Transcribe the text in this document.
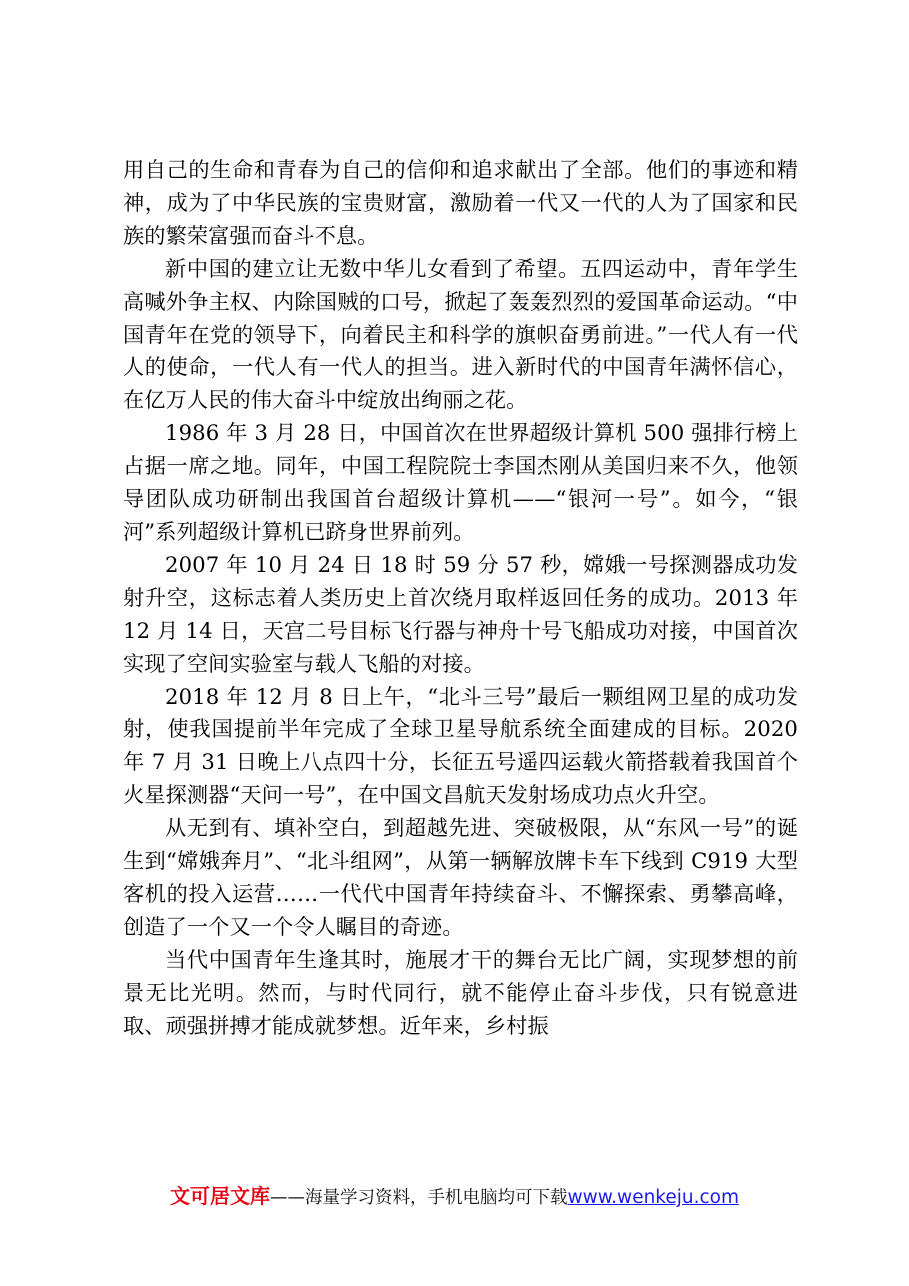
用自己的生命和青春为自己的信仰和追求献出了全部。他们的事迹和精神，成为了中华民族的宝贵财富，激励着一代又一代的人为了国家和民族的繁荣富强而奋斗不息。

新中国的建立让无数中华儿女看到了希望。五四运动中，青年学生高喊外争主权、内除国贼的口号，掀起了轰轰烈烈的爱国革命运动。“中国青年在党的领导下，向着民主和科学的旗帜奋勇前进。”一代人有一代人的使命，一代人有一代人的担当。进入新时代的中国青年满怀信心，在亿万人民的伟大奋斗中绽放出绚丽之花。

1986 年 3 月 28 日，中国首次在世界超级计算机 500 强排行榜上占据一席之地。同年，中国工程院院士李国杰刚从美国归来不久，他领导团队成功研制出我国首台超级计算机——“银河一号”。如今，“银河”系列超级计算机已跻身世界前列。

2007 年 10 月 24 日 18 时 59 分 57 秒，嫦娥一号探测器成功发射升空，这标志着人类历史上首次绕月取样返回任务的成功。2013 年 12 月 14 日，天宫二号目标飞行器与神舟十号飞船成功对接，中国首次实现了空间实验室与载人飞船的对接。

2018 年 12 月 8 日上午，“北斗三号”最后一颗组网卫星的成功发射，使我国提前半年完成了全球卫星导航系统全面建成的目标。2020 年 7 月 31 日晚上八点四十分，长征五号遥四运载火箭搭载着我国首个火星探测器“天问一号”，在中国文昌航天发射场成功点火升空。

从无到有、填补空白，到超越先进、突破极限，从“东风一号”的诞生到“嫦娥奔月”、“北斗组网”，从第一辆解放牌卡车下线到 C919 大型客机的投入运营……一代代中国青年持续奋斗、不懈探索、勇攀高峰，创造了一个又一个令人瞩目的奇迹。

当代中国青年生逢其时，施展才干的舞台无比广阔，实现梦想的前景无比光明。然而，与时代同行，就不能停止奋斗步伐，只有锐意进取、顽强拼搏才能成就梦想。近年来，乡村振

文可居文库——海量学习资料，手机电脑均可下载www.wenkeju.com
